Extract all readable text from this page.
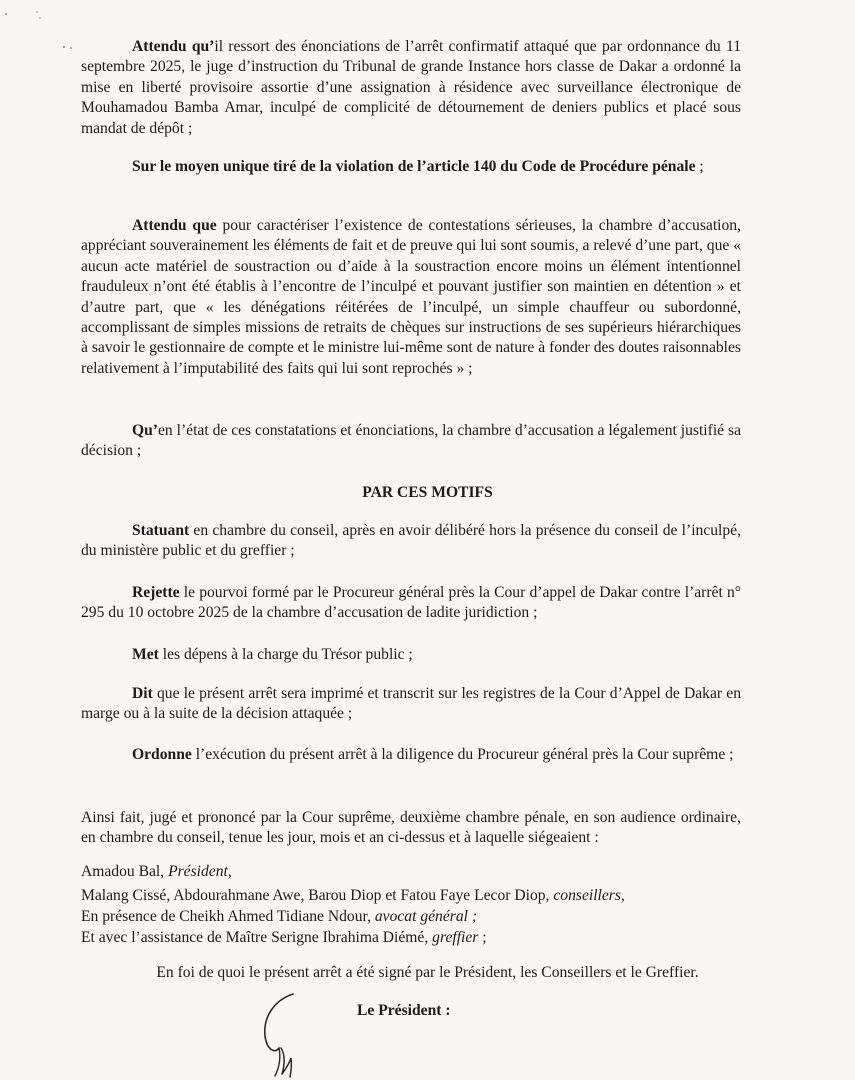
Attendu qu’il ressort des énonciations de l’arrêt confirmatif attaqué que par ordonnance du 11 septembre 2025, le juge d’instruction du Tribunal de grande Instance hors classe de Dakar a ordonné la mise en liberté provisoire assortie d’une assignation à résidence avec surveillance électronique de Mouhamadou Bamba Amar, inculpé de complicité de détournement de deniers publics et placé sous mandat de dépôt ;

Sur le moyen unique tiré de la violation de l’article 140 du Code de Procédure pénale ;

Attendu que pour caractériser l’existence de contestations sérieuses, la chambre d’accusation, appréciant souverainement les éléments de fait et de preuve qui lui sont soumis, a relevé d’une part, que « aucun acte matériel de soustraction ou d’aide à la soustraction encore moins un élément intentionnel frauduleux n’ont été établis à l’encontre de l’inculpé et pouvant justifier son maintien en détention » et d’autre part, que « les dénégations réitérées de l’inculpé, un simple chauffeur ou subordonné, accomplissant de simples missions de retraits de chèques sur instructions de ses supérieurs hiérarchiques à savoir le gestionnaire de compte et le ministre lui-même sont de nature à fonder des doutes raisonnables relativement à l’imputabilité des faits qui lui sont reprochés » ;

Qu’en l’état de ces constatations et énonciations, la chambre d’accusation a légalement justifié sa décision ;

PAR CES MOTIFS

Statuant en chambre du conseil, après en avoir délibéré hors la présence du conseil de l’inculpé, du ministère public et du greffier ;

Rejette le pourvoi formé par le Procureur général près la Cour d’appel de Dakar contre l’arrêt n° 295 du 10 octobre 2025 de la chambre d’accusation de ladite juridiction ;

Met les dépens à la charge du Trésor public ;

Dit que le présent arrêt sera imprimé et transcrit sur les registres de la Cour d’Appel de Dakar en marge ou à la suite de la décision attaquée ;

Ordonne l’exécution du présent arrêt à la diligence du Procureur général près la Cour suprême ;

Ainsi fait, jugé et prononcé par la Cour suprême, deuxième chambre pénale, en son audience ordinaire, en chambre du conseil, tenue les jour, mois et an ci-dessus et à laquelle siégeaient :

Amadou Bal, Président,

Malang Cissé, Abdourahmane Awe, Barou Diop et Fatou Faye Lecor Diop, conseillers,

En présence de Cheikh Ahmed Tidiane Ndour, avocat général ;

Et avec l’assistance de Maître Serigne Ibrahima Diémé, greffier ;

En foi de quoi le présent arrêt a été signé par le Président, les Conseillers et le Greffier.

Le Président :
